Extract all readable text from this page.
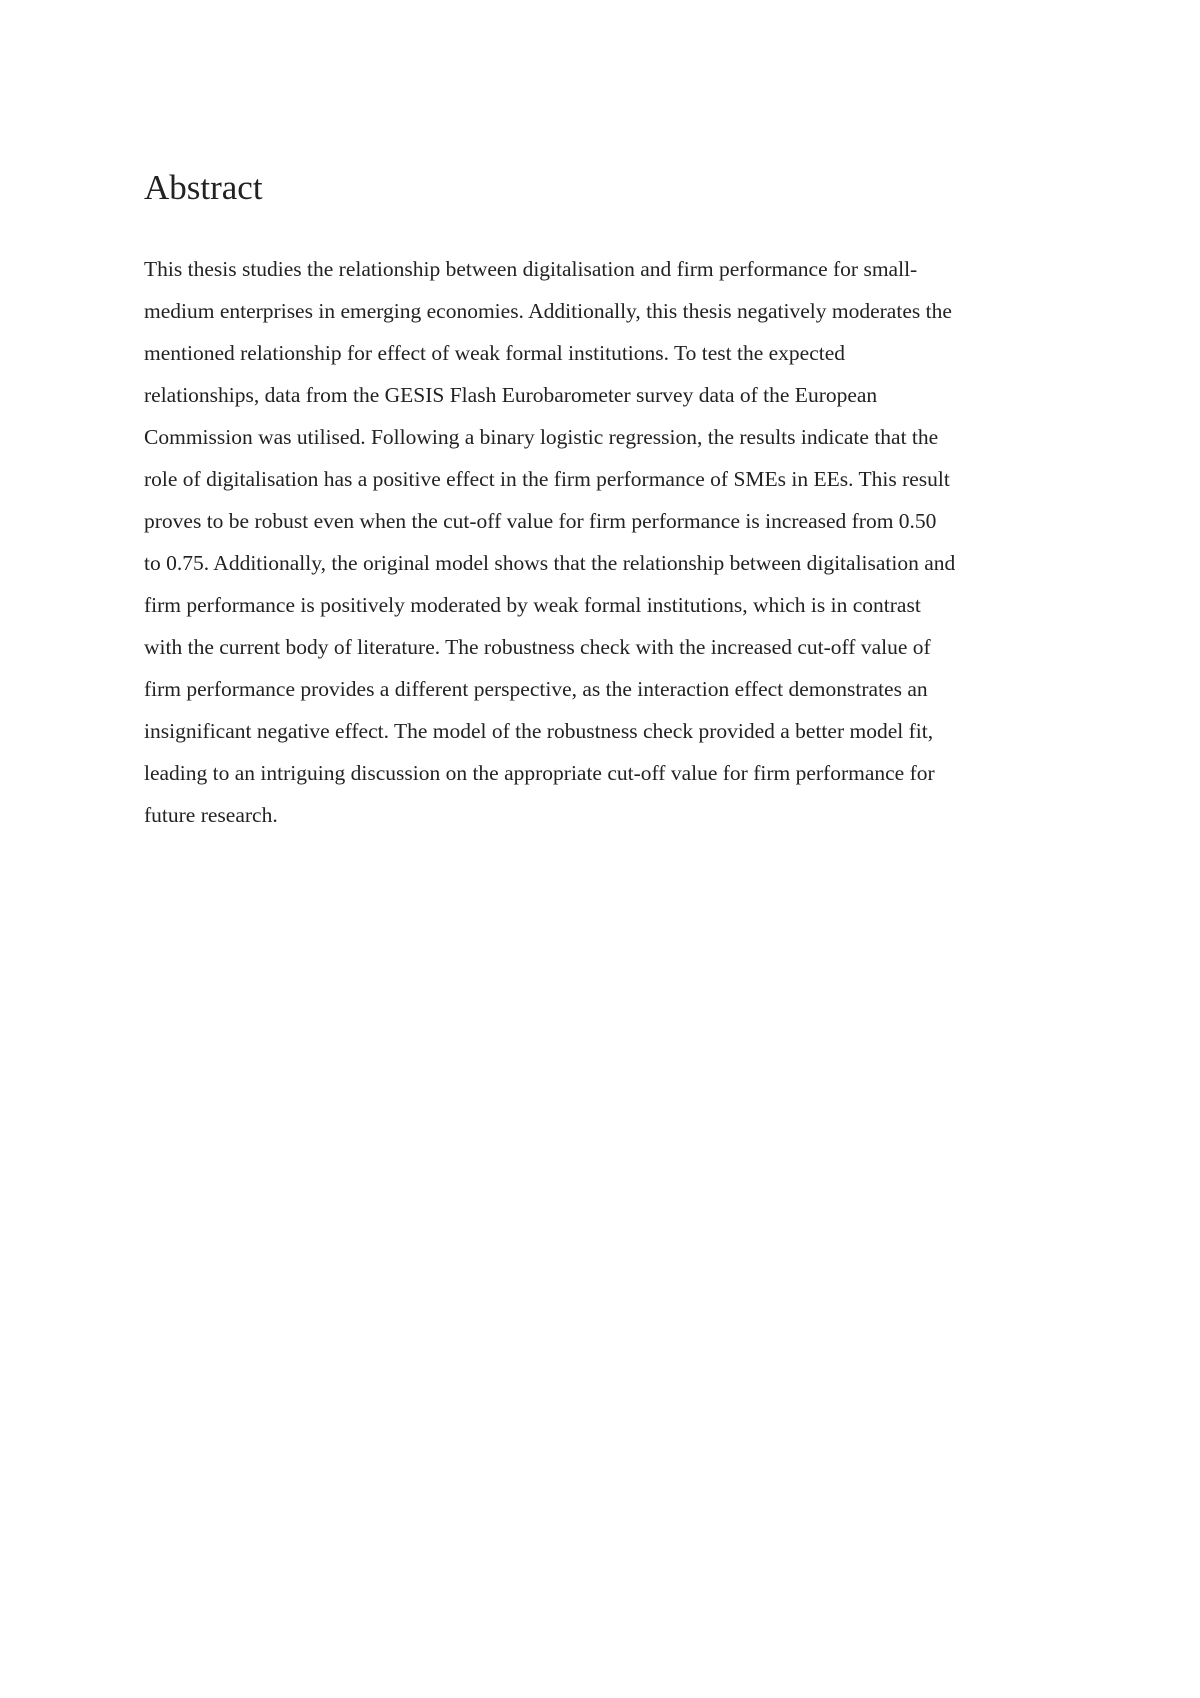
Abstract

This thesis studies the relationship between digitalisation and firm performance for small-
medium enterprises in emerging economies. Additionally, this thesis negatively moderates the
mentioned relationship for effect of weak formal institutions. To test the expected
relationships, data from the GESIS Flash Eurobarometer survey data of the European
Commission was utilised. Following a binary logistic regression, the results indicate that the
role of digitalisation has a positive effect in the firm performance of SMEs in EEs. This result
proves to be robust even when the cut-off value for firm performance is increased from 0.50
to 0.75. Additionally, the original model shows that the relationship between digitalisation and
firm performance is positively moderated by weak formal institutions, which is in contrast
with the current body of literature. The robustness check with the increased cut-off value of
firm performance provides a different perspective, as the interaction effect demonstrates an
insignificant negative effect. The model of the robustness check provided a better model fit,
leading to an intriguing discussion on the appropriate cut-off value for firm performance for
future research.
